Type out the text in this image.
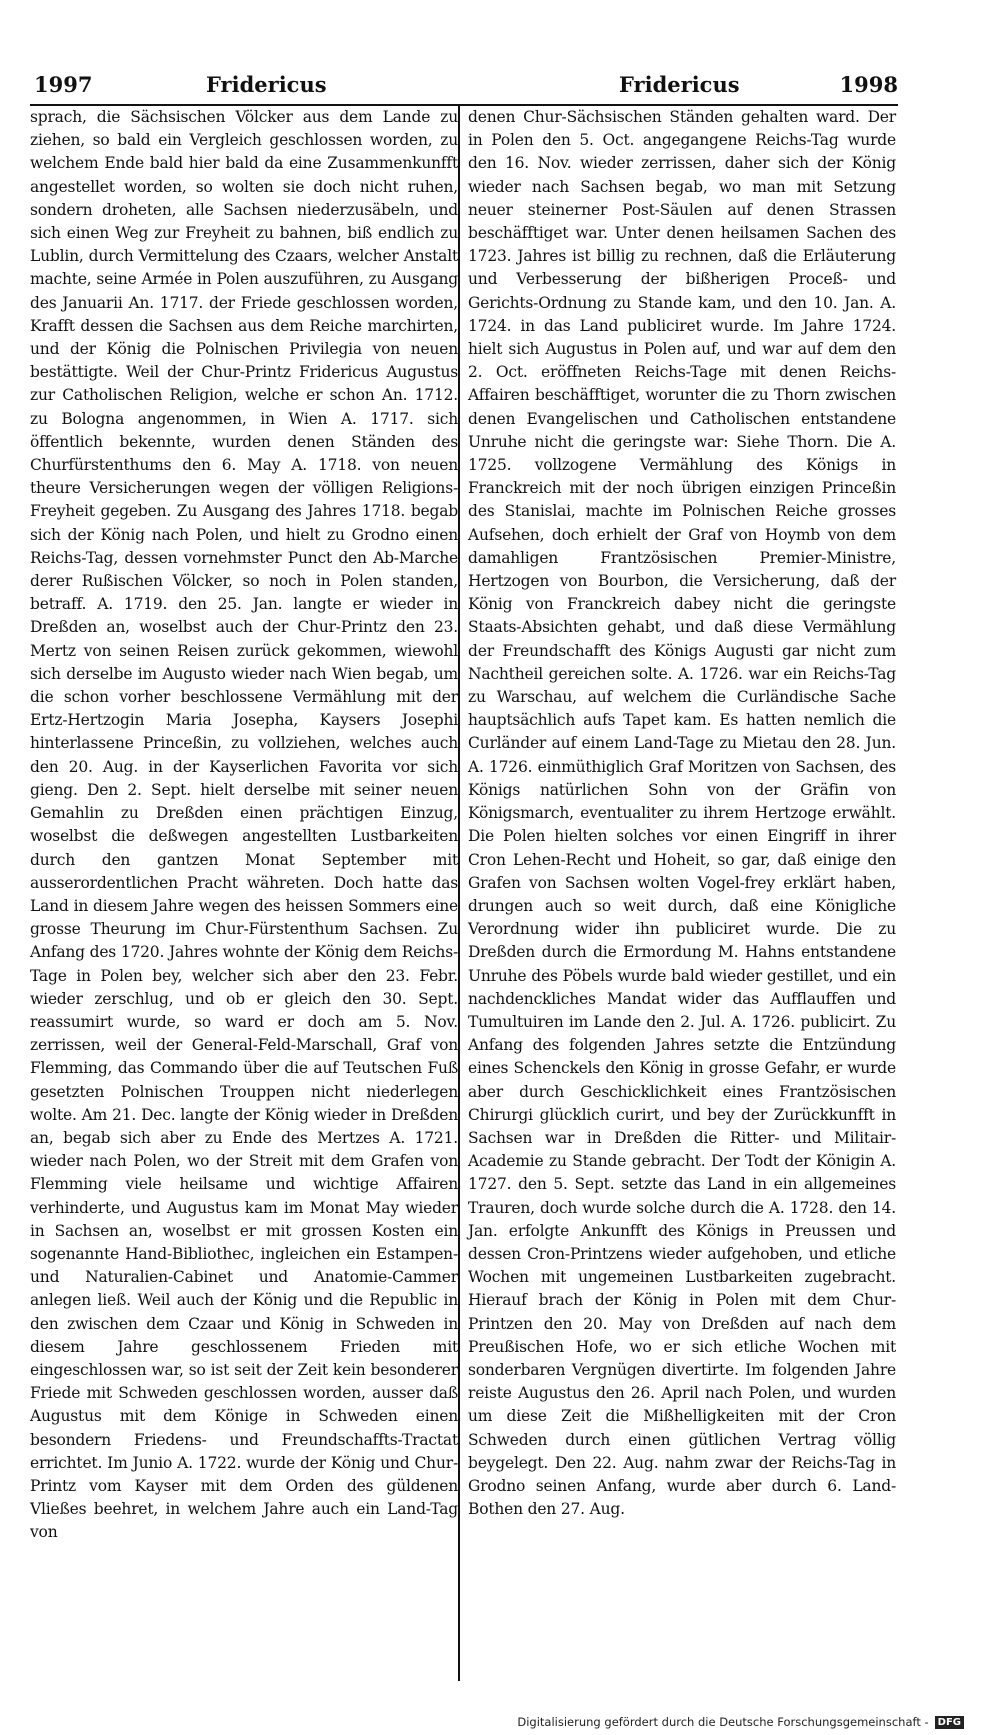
1997	Fridericus	Fridericus	1998

sprach, die Sächsischen Völcker aus dem Lande zu ziehen, so bald ein Vergleich geschlossen worden, zu welchem Ende bald hier bald da eine Zusammenkunfft angestellet worden, so wolten sie doch nicht ruhen, sondern droheten, alle Sachsen niederzusäbeln, und sich einen Weg zur Freyheit zu bahnen, biß endlich zu Lublin, durch Vermittelung des Czaars, welcher Anstalt machte, seine Armée in Polen auszuführen, zu Ausgang des Januarii An. 1717. der Friede geschlossen worden, Krafft dessen die Sachsen aus dem Reiche marchirten, und der König die Polnischen Privilegia von neuen bestättigte. Weil der Chur-Printz Fridericus Augustus zur Catholischen Religion, welche er schon An. 1712. zu Bologna angenommen, in Wien A. 1717. sich öffentlich bekennte, wurden denen Ständen des Churfürstenthums den 6. May A. 1718. von neuen theure Versicherungen wegen der völligen Religions-Freyheit gegeben. Zu Ausgang des Jahres 1718. begab sich der König nach Polen, und hielt zu Grodno einen Reichs-Tag, dessen vornehmster Punct den Ab-Marche derer Rußischen Völcker, so noch in Polen standen, betraff. A. 1719. den 25. Jan. langte er wieder in Dreßden an, woselbst auch der Chur-Printz den 23. Mertz von seinen Reisen zurück gekommen, wiewohl sich derselbe im Augusto wieder nach Wien begab, um die schon vorher beschlossene Vermählung mit der Ertz-Hertzogin Maria Josepha, Kaysers Josephi hinterlassene Princeßin, zu vollziehen, welches auch den 20. Aug. in der Kayserlichen Favorita vor sich gieng. Den 2. Sept. hielt derselbe mit seiner neuen Gemahlin zu Dreßden einen prächtigen Einzug, woselbst die deßwegen angestellten Lustbarkeiten durch den gantzen Monat September mit ausserordentlichen Pracht währeten. Doch hatte das Land in diesem Jahre wegen des heissen Sommers eine grosse Theurung im Chur-Fürstenthum Sachsen. Zu Anfang des 1720. Jahres wohnte der König dem Reichs-Tage in Polen bey, welcher sich aber den 23. Febr. wieder zerschlug, und ob er gleich den 30. Sept. reassumirt wurde, so ward er doch am 5. Nov. zerrissen, weil der General-Feld-Marschall, Graf von Flemming, das Commando über die auf Teutschen Fuß gesetzten Polnischen Trouppen nicht niederlegen wolte. Am 21. Dec. langte der König wieder in Dreßden an, begab sich aber zu Ende des Mertzes A. 1721. wieder nach Polen, wo der Streit mit dem Grafen von Flemming viele heilsame und wichtige Affairen verhinderte, und Augustus kam im Monat May wieder in Sachsen an, woselbst er mit grossen Kosten ein sogenannte Hand-Bibliothec, ingleichen ein Estampen- und Naturalien-Cabinet und Anatomie-Cammer anlegen ließ. Weil auch der König und die Republic in den zwischen dem Czaar und König in Schweden in diesem Jahre geschlossenem Frieden mit eingeschlossen war, so ist seit der Zeit kein besonderer Friede mit Schweden geschlossen worden, ausser daß Augustus mit dem Könige in Schweden einen besondern Friedens- und Freundschaffts-Tractat errichtet. Im Junio A. 1722. wurde der König und Chur-Printz vom Kayser mit dem Orden des güldenen Vließes beehret, in welchem Jahre auch ein Land-Tag von

denen Chur-Sächsischen Ständen gehalten ward. Der in Polen den 5. Oct. angegangene Reichs-Tag wurde den 16. Nov. wieder zerrissen, daher sich der König wieder nach Sachsen begab, wo man mit Setzung neuer steinerner Post-Säulen auf denen Strassen beschäfftiget war. Unter denen heilsamen Sachen des 1723. Jahres ist billig zu rechnen, daß die Erläuterung und Verbesserung der bißherigen Proceß- und Gerichts-Ordnung zu Stande kam, und den 10. Jan. A. 1724. in das Land publiciret wurde. Im Jahre 1724. hielt sich Augustus in Polen auf, und war auf dem den 2. Oct. eröffneten Reichs-Tage mit denen Reichs-Affairen beschäfftiget, worunter die zu Thorn zwischen denen Evangelischen und Catholischen entstandene Unruhe nicht die geringste war: Siehe Thorn. Die A. 1725. vollzogene Vermählung des Königs in Franckreich mit der noch übrigen einzigen Princeßin des Stanislai, machte im Polnischen Reiche grosses Aufsehen, doch erhielt der Graf von Hoymb von dem damahligen Frantzösischen Premier-Ministre, Hertzogen von Bourbon, die Versicherung, daß der König von Franckreich dabey nicht die geringste Staats-Absichten gehabt, und daß diese Vermählung der Freundschafft des Königs Augusti gar nicht zum Nachtheil gereichen solte. A. 1726. war ein Reichs-Tag zu Warschau, auf welchem die Curländische Sache hauptsächlich aufs Tapet kam. Es hatten nemlich die Curländer auf einem Land-Tage zu Mietau den 28. Jun. A. 1726. einmüthiglich Graf Moritzen von Sachsen, des Königs natürlichen Sohn von der Gräfin von Königsmarch, eventualiter zu ihrem Hertzoge erwählt. Die Polen hielten solches vor einen Eingriff in ihrer Cron Lehen-Recht und Hoheit, so gar, daß einige den Grafen von Sachsen wolten Vogel-frey erklärt haben, drungen auch so weit durch, daß eine Königliche Verordnung wider ihn publiciret wurde. Die zu Dreßden durch die Ermordung M. Hahns entstandene Unruhe des Pöbels wurde bald wieder gestillet, und ein nachdenckliches Mandat wider das Aufflauffen und Tumultuiren im Lande den 2. Jul. A. 1726. publicirt. Zu Anfang des folgenden Jahres setzte die Entzündung eines Schenckels den König in grosse Gefahr, er wurde aber durch Geschicklichkeit eines Frantzösischen Chirurgi glücklich curirt, und bey der Zurückkunfft in Sachsen war in Dreßden die Ritter- und Militair-Academie zu Stande gebracht. Der Todt der Königin A. 1727. den 5. Sept. setzte das Land in ein allgemeines Trauren, doch wurde solche durch die A. 1728. den 14. Jan. erfolgte Ankunfft des Königs in Preussen und dessen Cron-Printzens wieder aufgehoben, und etliche Wochen mit ungemeinen Lustbarkeiten zugebracht. Hierauf brach der König in Polen mit dem Chur-Printzen den 20. May von Dreßden auf nach dem Preußischen Hofe, wo er sich etliche Wochen mit sonderbaren Vergnügen divertirte. Im folgenden Jahre reiste Augustus den 26. April nach Polen, und wurden um diese Zeit die Mißhelligkeiten mit der Cron Schweden durch einen gütlichen Vertrag völlig beygelegt. Den 22. Aug. nahm zwar der Reichs-Tag in Grodno seinen Anfang, wurde aber durch 6. Land-Bothen den 27. Aug.

Digitalisierung gefördert durch die Deutsche Forschungsgemeinschaft - DFG
